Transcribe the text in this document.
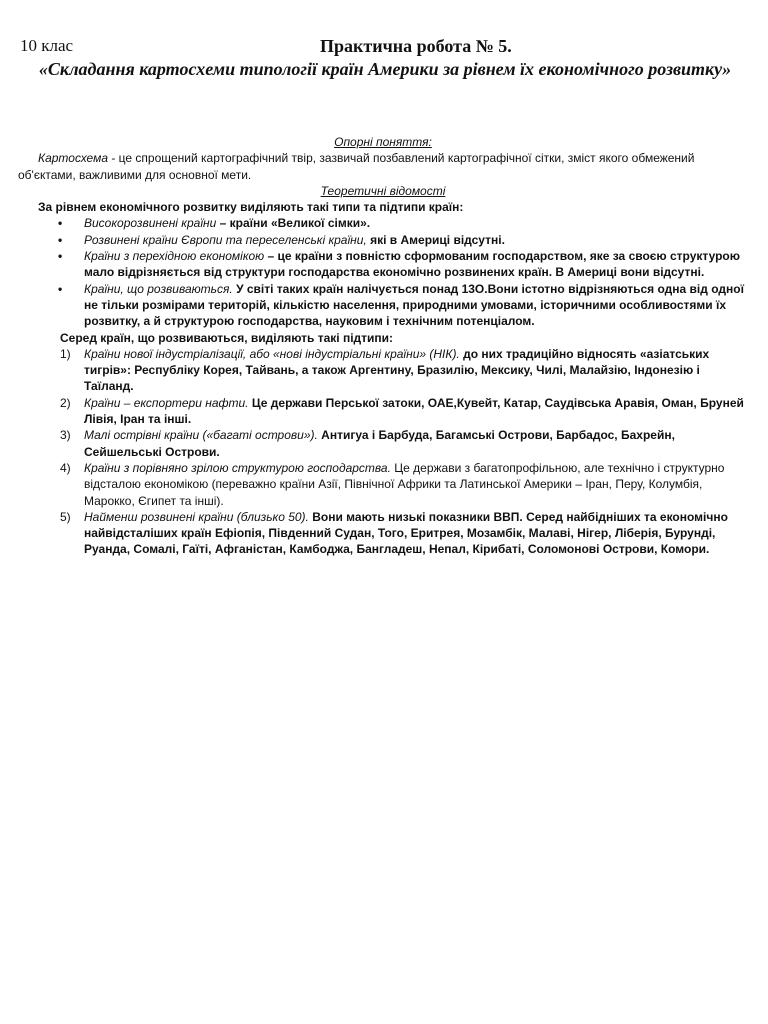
10 клас	Практична робота № 5.
«Складання картосхеми типології країн Америки за рівнем їх економічного розвитку»
Опорні поняття:

Картосхема - це спрощений картографічний твір, зазвичай позбавлений картографічної сітки, зміст якого обмежений об'єктами, важливими для основної мети.

Теоретичні відомості

За рівнем економічного розвитку виділяють такі типи та підтипи країн:

• Високорозвинені країни – країни «Великої сімки».
• Розвинені країни Європи та переселенські країни, які в Америці відсутні.
• Країни з перехідною економікою – це країни з повністю сформованим господарством, яке за своєю структурою мало відрізняється від структури господарства економічно розвинених країн. В Америці вони відсутні.
• Країни, що розвиваються. У світі таких країн налічується понад 13О.Вони істотно відрізняються одна від одної не тільки розмірами територій, кількістю населення, природними умовами, історичними особливостями їх розвитку, а й структурою господарства, науковим і технічним потенціалом.

Серед країн, що розвиваються, виділяють такі підтипи:

1) Країни нової індустріалізації, або «нові індустріальні країни» (НІК). до них традиційно відносять «азіатських тигрів»: Республіку Корея, Тайвань, а також Аргентину, Бразилію, Мексику, Чилі, Малайзію, Індонезію і Таїланд.
2) Країни – експортери нафти. Це держави Перської затоки, ОАЕ,Кувейт, Катар, Саудівська Аравія, Оман, Бруней Лівія, Іран та інші.
3) Малі острівні країни («багаті острови»). Антигуа і Барбуда, Багамські Острови, Барбадос, Бахрейн, Сейшельські Острови.
4) Країни з порівняно зрілою структурою господарства. Це держави з багатопрофільною, але технічно і структурно відсталою економікою (переважно країни Азії, Північної Африки та Латинської Америки – Іран, Перу, Колумбія, Марокко, Єгипет та інші).
5) Найменш розвинені країни (близько 50). Вони мають низькі показники ВВП. Серед найбідніших та економічно найвідсталіших країн Ефіопія, Південний Судан, Того, Еритрея, Мозамбік, Малаві, Нігер, Ліберія, Бурунді, Руанда, Сомалі, Гаїті, Афганістан, Камбоджа, Бангладеш, Непал, Кірибаті, Соломонові Острови, Комори.
